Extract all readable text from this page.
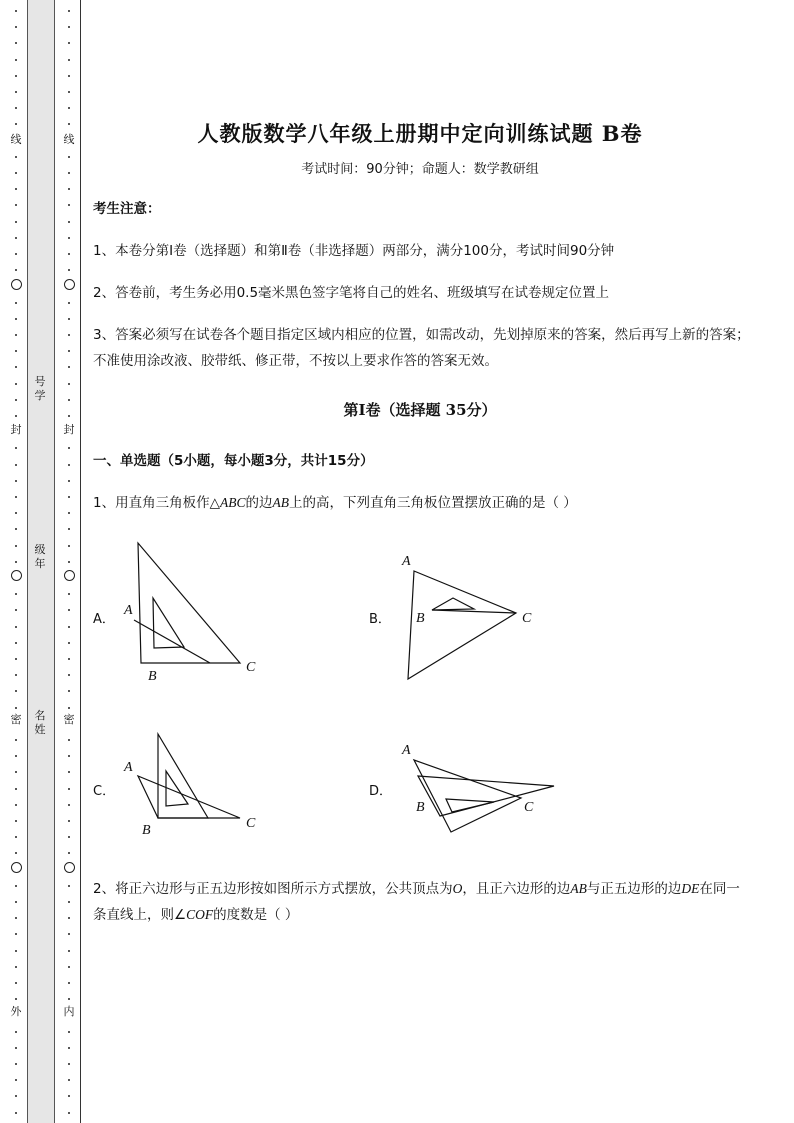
线
封
密
外
线
封
密
内
号学
级年
名姓
人教版数学八年级上册期中定向训练试题 B卷
考试时间：90分钟；命题人：数学教研组
考生注意：
1、本卷分第I卷（选择题）和第Ⅱ卷（非选择题）两部分，满分100分，考试时间90分钟
2、答卷前，考生务必用0.5毫米黑色签字笔将自己的姓名、班级填写在试卷规定位置上
3、答案必须写在试卷各个题目指定区域内相应的位置，如需改动，先划掉原来的答案，然后再写上新的答案；不准使用涂改液、胶带纸、修正带，不按以上要求作答的答案无效。
第I卷（选择题 35分）
一、单选题（5小题，每小题3分，共计15分）
1、用直角三角板作△ABC的边AB上的高，下列直角三角板位置摆放正确的是（ ）
A．
A
B
C
B．
A
B	C
C．
A
B	C
D．
A
B	C
2、将正六边形与正五边形按如图所示方式摆放，公共顶点为O，且正六边形的边AB与正五边形的边DE在同一条直线上，则∠COF的度数是（ ）
